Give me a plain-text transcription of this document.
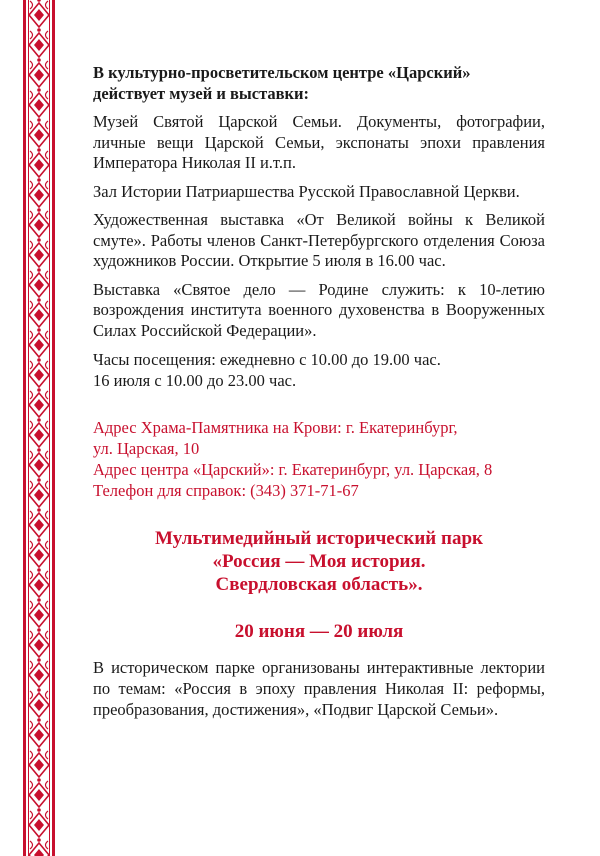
В культурно-просветительском центре «Царский» действует музей и выставки:

Музей Святой Царской Семьи. Документы, фотографии, личные вещи Царской Семьи, экспонаты эпохи правления Императора Николая II и.т.п.

Зал Истории Патриаршества Русской Православной Церкви.

Художественная выставка «От Великой войны к Великой смуте». Работы членов Санкт-Петербургского отделения Союза художников России. Открытие 5 июля в 16.00 час.

Выставка «Святое дело — Родине служить: к 10-летию возрождения института военного духовенства в Вооруженных Силах Российской Федерации».

Часы посещения: ежедневно с 10.00 до 19.00 час.
16 июля с 10.00 до 23.00 час.
Адрес Храма-Памятника на Крови: г. Екатеринбург,
ул. Царская, 10
Адрес центра «Царский»: г. Екатеринбург, ул. Царская, 8
Телефон для справок: (343) 371-71-67
Мультимедийный исторический парк
«Россия — Моя история.
Свердловская область».
20 июня — 20 июля

В историческом парке организованы интерактивные лектории по темам: «Россия в эпоху правления Николая II: реформы, преобразования, достижения», «Подвиг Царской Семьи».
